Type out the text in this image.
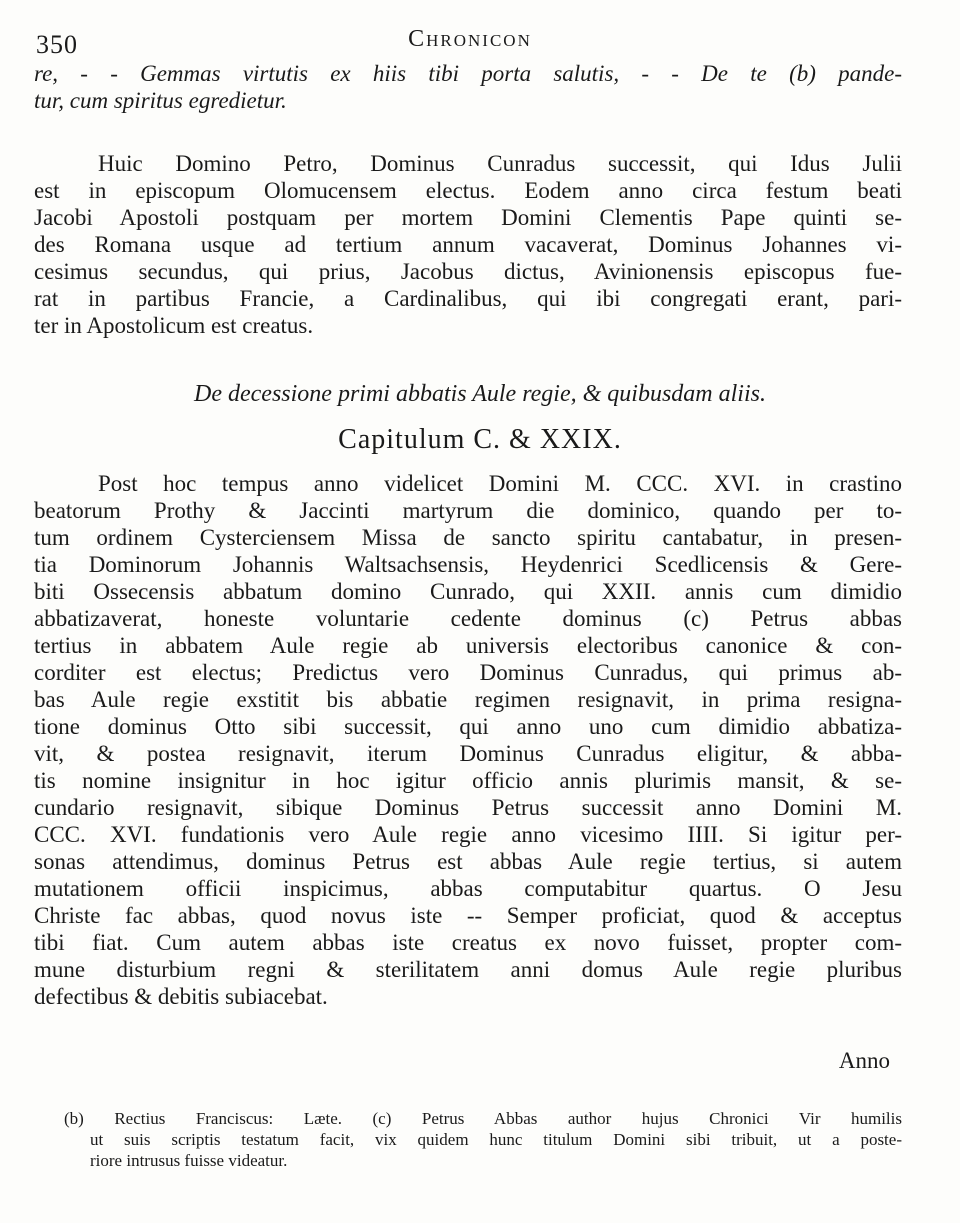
350	Chronicon
re, - - Gemmas virtutis ex hiis tibi porta salutis, - - De te (b) pande-
tur, cum spiritus egredietur.
Huic Domino Petro, Dominus Cunradus successit, qui Idus Julii
est in episcopum Olomucensem electus. Eodem anno circa festum beati
Jacobi Apostoli postquam per mortem Domini Clementis Pape quinti se-
des Romana usque ad tertium annum vacaverat, Dominus Johannes vi-
cesimus secundus, qui prius, Jacobus dictus, Avinionensis episcopus fue-
rat in partibus Francie, a Cardinalibus, qui ibi congregati erant, pari-
ter in Apostolicum est creatus.
De decessione primi abbatis Aule regie, & quibusdam aliis.
Capitulum C. & XXIX.
Post hoc tempus anno videlicet Domini M. CCC. XVI. in crastino
beatorum Prothy & Jaccinti martyrum die dominico, quando per to-
tum ordinem Cysterciensem Missa de sancto spiritu cantabatur, in presen-
tia Dominorum Johannis Waltsachsensis, Heydenrici Scedlicensis & Gere-
biti Ossecensis abbatum domino Cunrado, qui XXII. annis cum dimidio
abbatizaverat, honeste voluntarie cedente dominus (c) Petrus abbas
tertius in abbatem Aule regie ab universis electoribus canonice & con-
corditer est electus; Predictus vero Dominus Cunradus, qui primus ab-
bas Aule regie exstitit bis abbatie regimen resignavit, in prima resigna-
tione dominus Otto sibi successit, qui anno uno cum dimidio abbatiza-
vit, & postea resignavit, iterum Dominus Cunradus eligitur, & abba-
tis nomine insignitur in hoc igitur officio annis plurimis mansit, & se-
cundario resignavit, sibique Dominus Petrus successit anno Domini M.
CCC. XVI. fundationis vero Aule regie anno vicesimo IIII. Si igitur per-
sonas attendimus, dominus Petrus est abbas Aule regie tertius, si autem
mutationem officii inspicimus, abbas computabitur quartus. O Jesu
Christe fac abbas, quod novus iste -- Semper proficiat, quod & acceptus
tibi fiat. Cum autem abbas iste creatus ex novo fuisset, propter com-
mune disturbium regni & sterilitatem anni domus Aule regie pluribus
defectibus & debitis subiacebat.
Anno
(b) Rectius Franciscus: Læte. (c) Petrus Abbas author hujus Chronici Vir humilis
ut suis scriptis testatum facit, vix quidem hunc titulum Domini sibi tribuit, ut a poste-
riore intrusus fuisse videatur.
